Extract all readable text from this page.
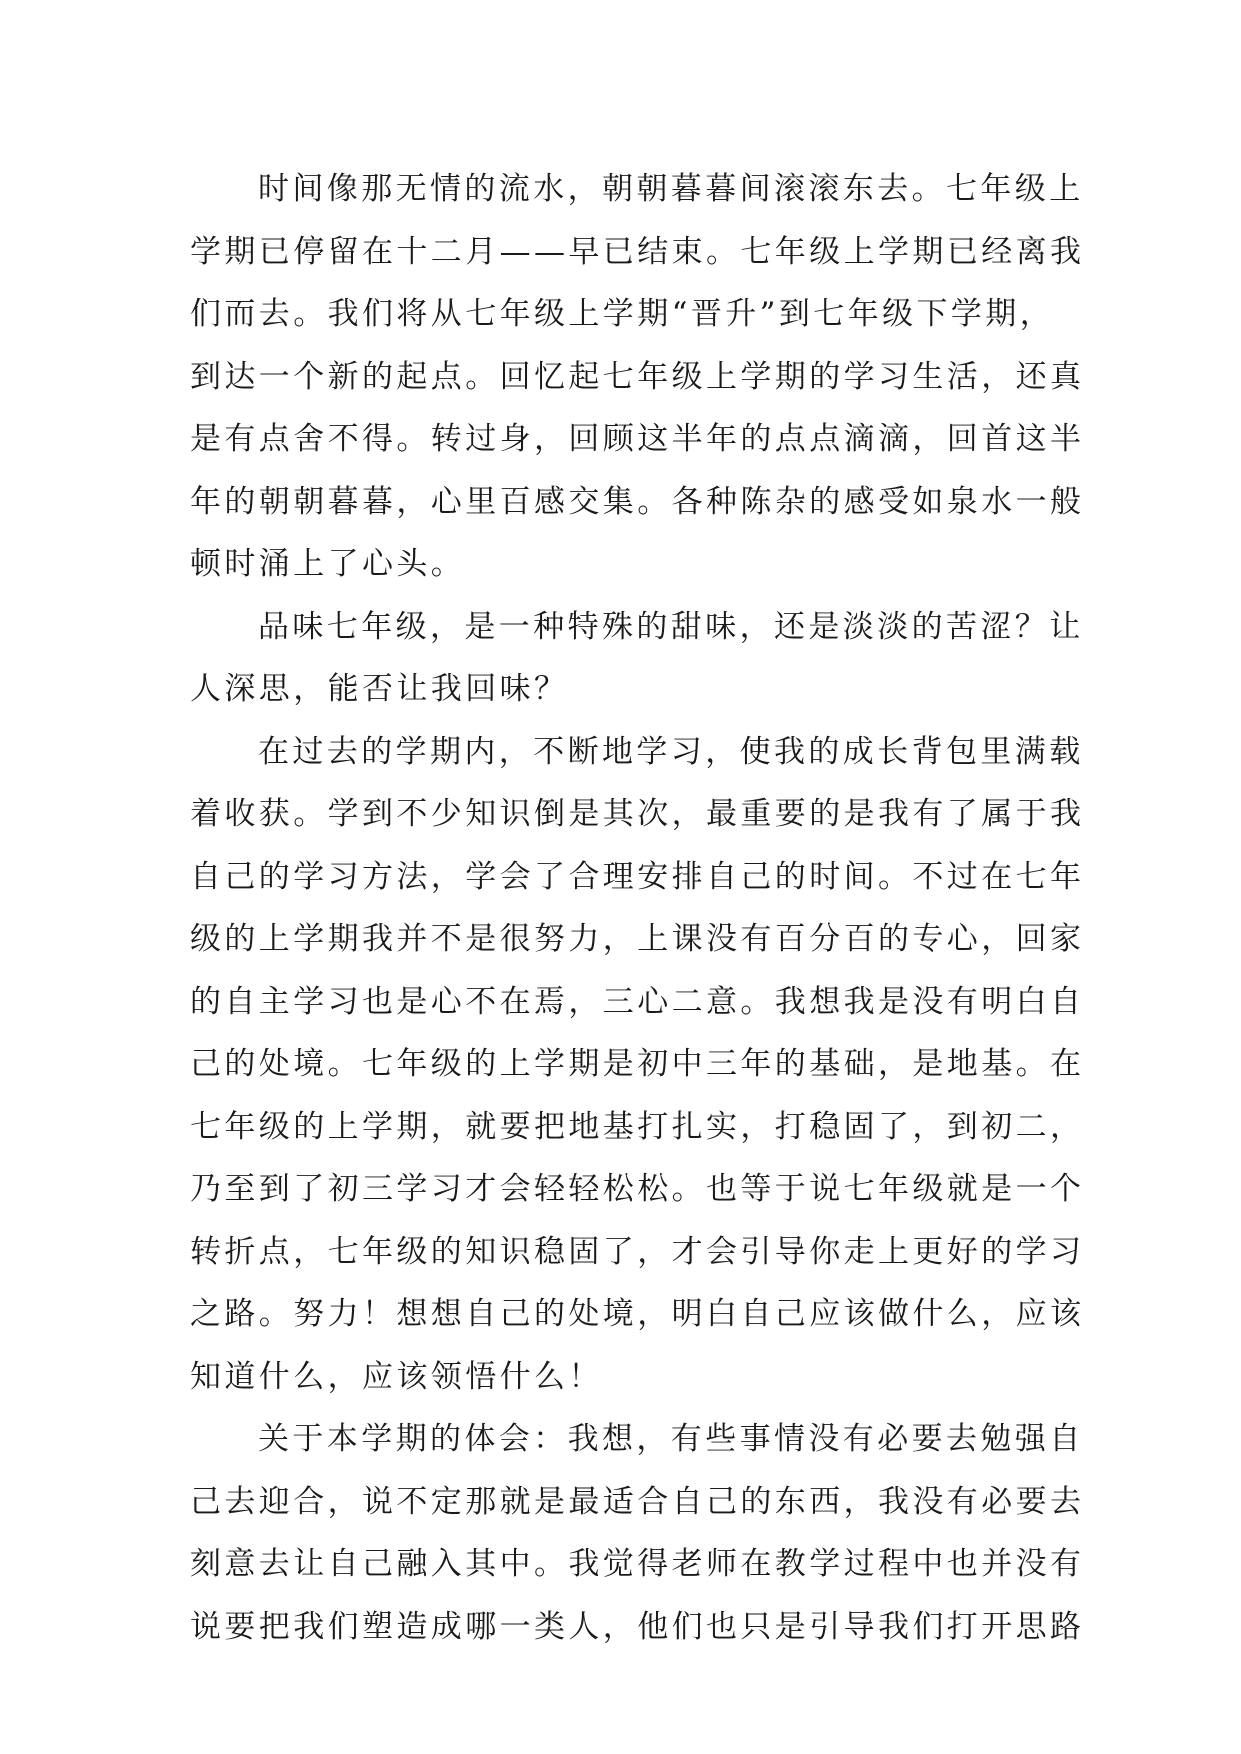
时间像那无情的流水，朝朝暮暮间滚滚东去。七年级上
学期已停留在十二月——早已结束。七年级上学期已经离我
们而去。我们将从七年级上学期“晋升”到七年级下学期，
到达一个新的起点。回忆起七年级上学期的学习生活，还真
是有点舍不得。转过身，回顾这半年的点点滴滴，回首这半
年的朝朝暮暮，心里百感交集。各种陈杂的感受如泉水一般
顿时涌上了心头。
品味七年级，是一种特殊的甜味，还是淡淡的苦涩？让
人深思，能否让我回味？
在过去的学期内，不断地学习，使我的成长背包里满载
着收获。学到不少知识倒是其次，最重要的是我有了属于我
自己的学习方法，学会了合理安排自己的时间。不过在七年
级的上学期我并不是很努力，上课没有百分百的专心，回家
的自主学习也是心不在焉，三心二意。我想我是没有明白自
己的处境。七年级的上学期是初中三年的基础，是地基。在
七年级的上学期，就要把地基打扎实，打稳固了，到初二，
乃至到了初三学习才会轻轻松松。也等于说七年级就是一个
转折点，七年级的知识稳固了，才会引导你走上更好的学习
之路。努力！想想自己的处境，明白自己应该做什么，应该
知道什么，应该领悟什么！
关于本学期的体会：我想，有些事情没有必要去勉强自
己去迎合，说不定那就是最适合自己的东西，我没有必要去
刻意去让自己融入其中。我觉得老师在教学过程中也并没有
说要把我们塑造成哪一类人，他们也只是引导我们打开思路
